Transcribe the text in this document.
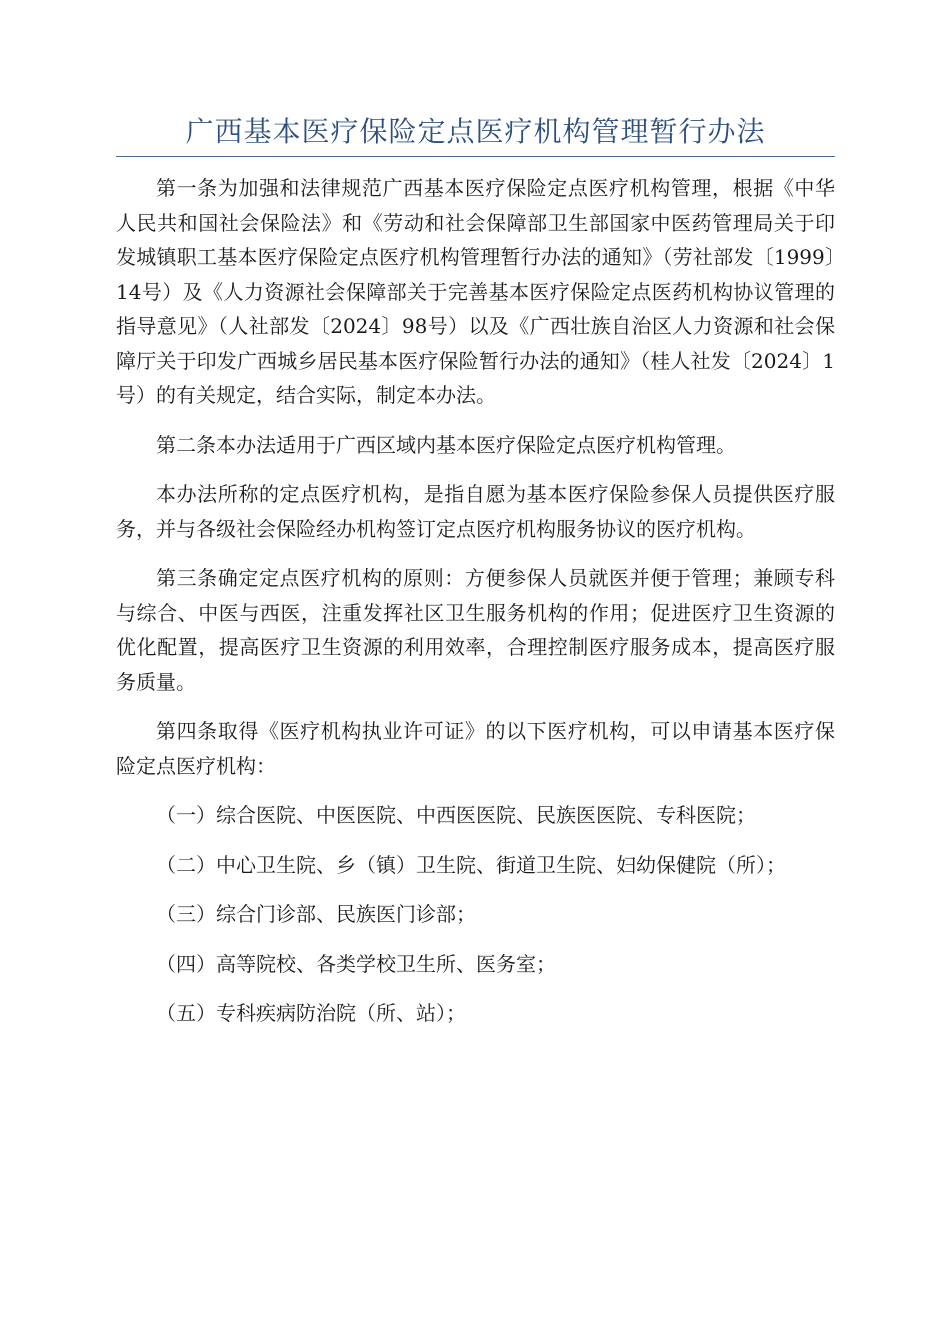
广西基本医疗保险定点医疗机构管理暂行办法

第一条为加强和法律规范广西基本医疗保险定点医疗机构管理，根据《中华人民共和国社会保险法》和《劳动和社会保障部卫生部国家中医药管理局关于印发城镇职工基本医疗保险定点医疗机构管理暂行办法的通知》（劳社部发〔1999〕14号）及《人力资源社会保障部关于完善基本医疗保险定点医药机构协议管理的指导意见》（人社部发〔2024〕98号）以及《广西壮族自治区人力资源和社会保障厅关于印发广西城乡居民基本医疗保险暂行办法的通知》（桂人社发〔2024〕1号）的有关规定，结合实际，制定本办法。

第二条本办法适用于广西区域内基本医疗保险定点医疗机构管理。

本办法所称的定点医疗机构，是指自愿为基本医疗保险参保人员提供医疗服务，并与各级社会保险经办机构签订定点医疗机构服务协议的医疗机构。

第三条确定定点医疗机构的原则：方便参保人员就医并便于管理；兼顾专科与综合、中医与西医，注重发挥社区卫生服务机构的作用；促进医疗卫生资源的优化配置，提高医疗卫生资源的利用效率，合理控制医疗服务成本，提高医疗服务质量。

第四条取得《医疗机构执业许可证》的以下医疗机构，可以申请基本医疗保险定点医疗机构：

（一）综合医院、中医医院、中西医医院、民族医医院、专科医院；

（二）中心卫生院、乡（镇）卫生院、街道卫生院、妇幼保健院（所）；

（三）综合门诊部、民族医门诊部；

（四）高等院校、各类学校卫生所、医务室；

（五）专科疾病防治院（所、站）；
